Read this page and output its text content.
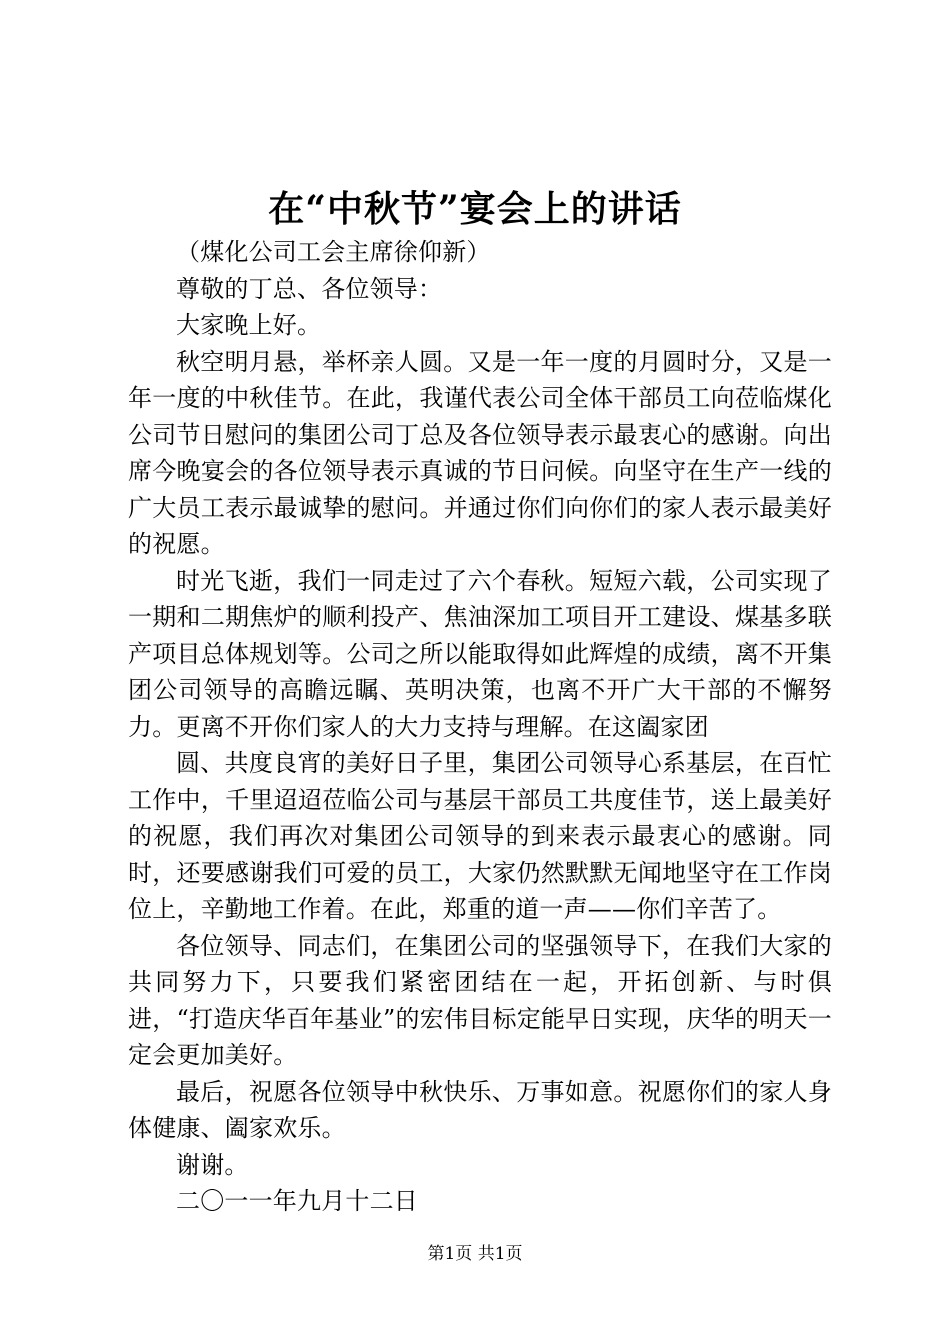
在“中秋节”宴会上的讲话

（煤化公司工会主席徐仰新）

尊敬的丁总、各位领导：

大家晚上好。

秋空明月悬，举杯亲人圆。又是一年一度的月圆时分，又是一年一度的中秋佳节。在此，我谨代表公司全体干部员工向莅临煤化公司节日慰问的集团公司丁总及各位领导表示最衷心的感谢。向出席今晚宴会的各位领导表示真诚的节日问候。向坚守在生产一线的广大员工表示最诚挚的慰问。并通过你们向你们的家人表示最美好的祝愿。

时光飞逝，我们一同走过了六个春秋。短短六载，公司实现了一期和二期焦炉的顺利投产、焦油深加工项目开工建设、煤基多联产项目总体规划等。公司之所以能取得如此辉煌的成绩，离不开集团公司领导的高瞻远瞩、英明决策，也离不开广大干部的不懈努力。更离不开你们家人的大力支持与理解。在这阖家团

圆、共度良宵的美好日子里，集团公司领导心系基层，在百忙工作中，千里迢迢莅临公司与基层干部员工共度佳节，送上最美好的祝愿，我们再次对集团公司领导的到来表示最衷心的感谢。同时，还要感谢我们可爱的员工，大家仍然默默无闻地坚守在工作岗位上，辛勤地工作着。在此，郑重的道一声——你们辛苦了。

各位领导、同志们，在集团公司的坚强领导下，在我们大家的共同努力下，只要我们紧密团结在一起，开拓创新、与时俱进，“打造庆华百年基业”的宏伟目标定能早日实现，庆华的明天一定会更加美好。

最后，祝愿各位领导中秋快乐、万事如意。祝愿你们的家人身体健康、阖家欢乐。

谢谢。

二〇一一年九月十二日

第1页 共1页
